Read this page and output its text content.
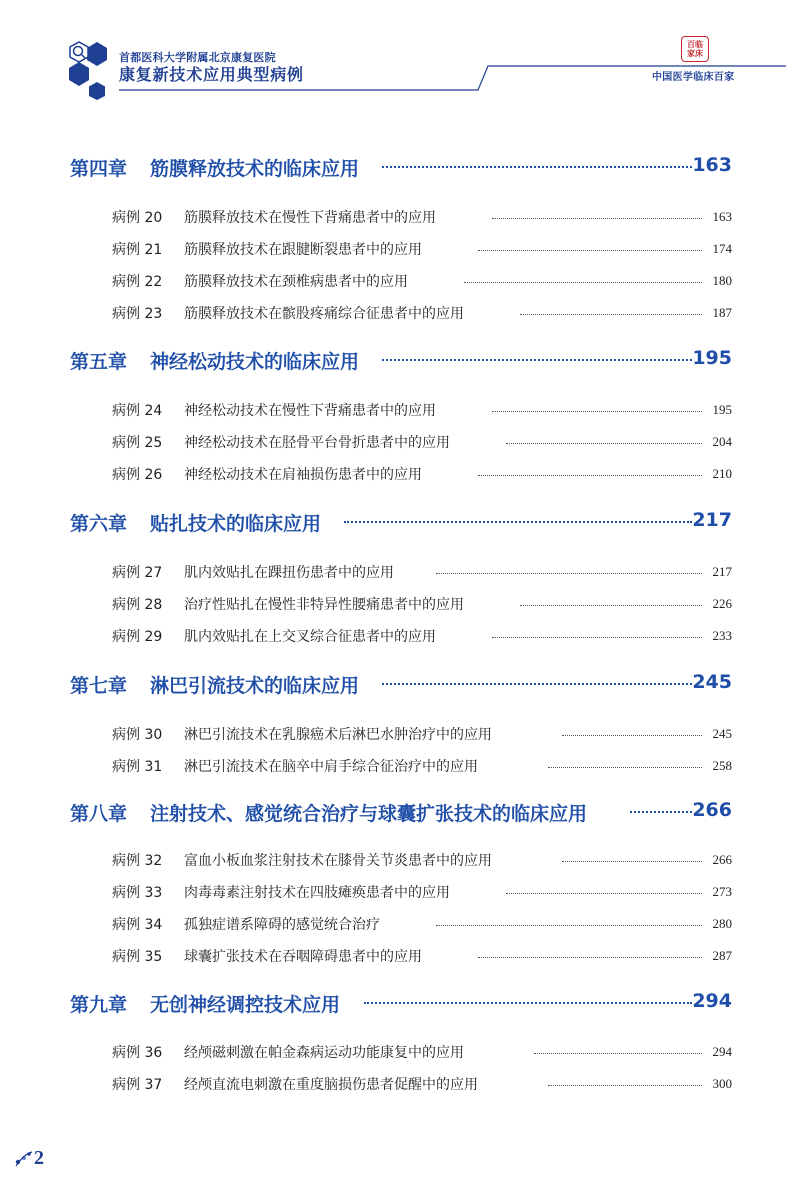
首都医科大学附属北京康复医院
康复新技术应用典型病例
百临
家床
中国医学临床百家
第四章 筋膜释放技术的临床应用	163
病例 20 筋膜释放技术在慢性下背痛患者中的应用	163
病例 21 筋膜释放技术在跟腱断裂患者中的应用	174
病例 22 筋膜释放技术在颈椎病患者中的应用	180
病例 23 筋膜释放技术在髌股疼痛综合征患者中的应用	187
第五章 神经松动技术的临床应用	195
病例 24 神经松动技术在慢性下背痛患者中的应用	195
病例 25 神经松动技术在胫骨平台骨折患者中的应用	204
病例 26 神经松动技术在肩袖损伤患者中的应用	210
第六章 贴扎技术的临床应用	217
病例 27 肌内效贴扎在踝扭伤患者中的应用	217
病例 28 治疗性贴扎在慢性非特异性腰痛患者中的应用	226
病例 29 肌内效贴扎在上交叉综合征患者中的应用	233
第七章 淋巴引流技术的临床应用	245
病例 30 淋巴引流技术在乳腺癌术后淋巴水肿治疗中的应用	245
病例 31 淋巴引流技术在脑卒中肩手综合征治疗中的应用	258
第八章 注射技术、感觉统合治疗与球囊扩张技术的临床应用	266
病例 32 富血小板血浆注射技术在膝骨关节炎患者中的应用	266
病例 33 肉毒毒素注射技术在四肢瘫痪患者中的应用	273
病例 34 孤独症谱系障碍的感觉统合治疗	280
病例 35 球囊扩张技术在吞咽障碍患者中的应用	287
第九章 无创神经调控技术应用	294
病例 36 经颅磁刺激在帕金森病运动功能康复中的应用	294
病例 37 经颅直流电刺激在重度脑损伤患者促醒中的应用	300
2
